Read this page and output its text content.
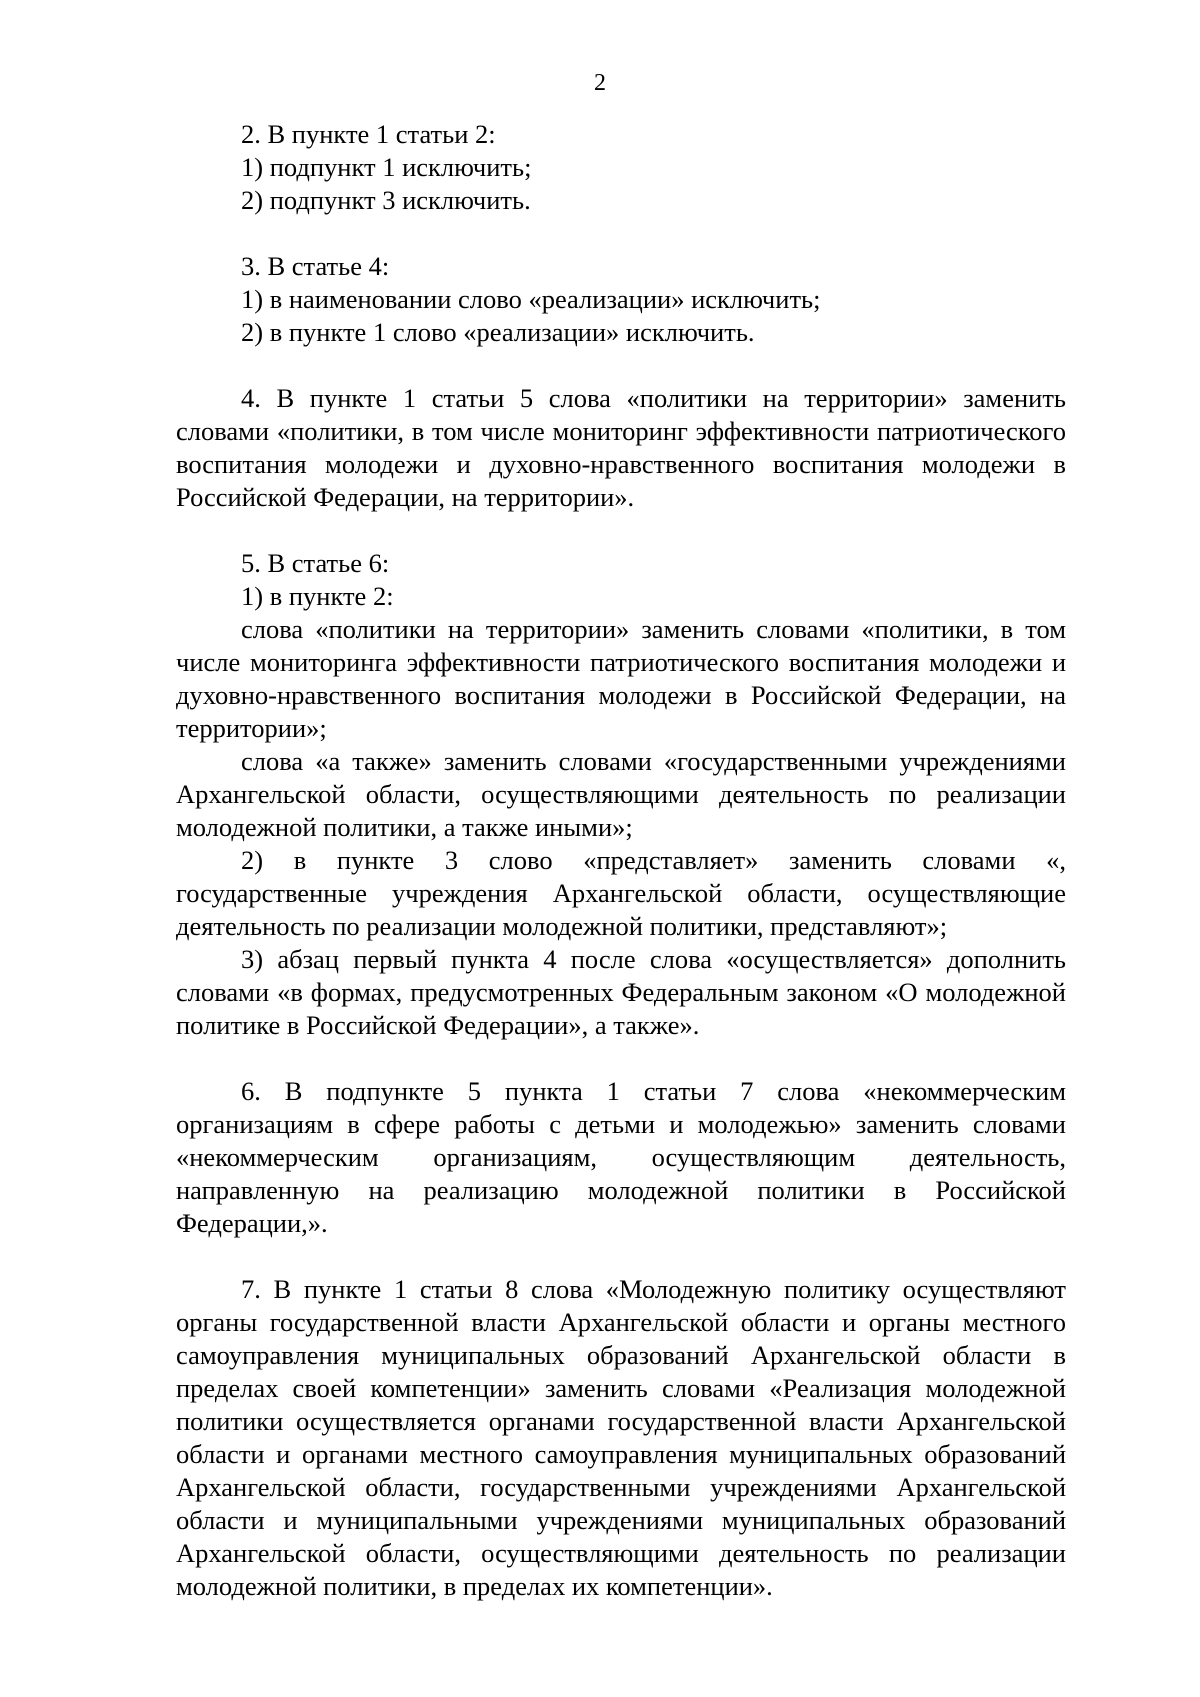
2

2. В пункте 1 статьи 2:

1) подпункт 1 исключить;

2) подпункт 3 исключить.

3. В статье 4:

1) в наименовании слово «реализации» исключить;

2) в пункте 1 слово «реализации» исключить.

4. В пункте 1 статьи 5 слова «политики на территории» заменить словами «политики, в том числе мониторинг эффективности патриотического воспитания молодежи и духовно-нравственного воспитания молодежи в Российской Федерации, на территории».

5. В статье 6:

1) в пункте 2:

слова «политики на территории» заменить словами «политики, в том числе мониторинга эффективности патриотического воспитания молодежи и духовно-нравственного воспитания молодежи в Российской Федерации, на территории»;

слова «а также» заменить словами «государственными учреждениями Архангельской области, осуществляющими деятельность по реализации молодежной политики, а также иными»;

2) в пункте 3 слово «представляет» заменить словами «, государственные учреждения Архангельской области, осуществляющие деятельность по реализации молодежной политики, представляют»;

3) абзац первый пункта 4 после слова «осуществляется» дополнить словами «в формах, предусмотренных Федеральным законом «О молодежной политике в Российской Федерации», а также».

6. В подпункте 5 пункта 1 статьи 7 слова «некоммерческим организациям в сфере работы с детьми и молодежью» заменить словами «некоммерческим организациям, осуществляющим деятельность, направленную на реализацию молодежной политики в Российской Федерации,».

7. В пункте 1 статьи 8 слова «Молодежную политику осуществляют органы государственной власти Архангельской области и органы местного самоуправления муниципальных образований Архангельской области в пределах своей компетенции» заменить словами «Реализация молодежной политики осуществляется органами государственной власти Архангельской области и органами местного самоуправления муниципальных образований Архангельской области, государственными учреждениями Архангельской области и муниципальными учреждениями муниципальных образований Архангельской области, осуществляющими деятельность по реализации молодежной политики, в пределах их компетенции».
